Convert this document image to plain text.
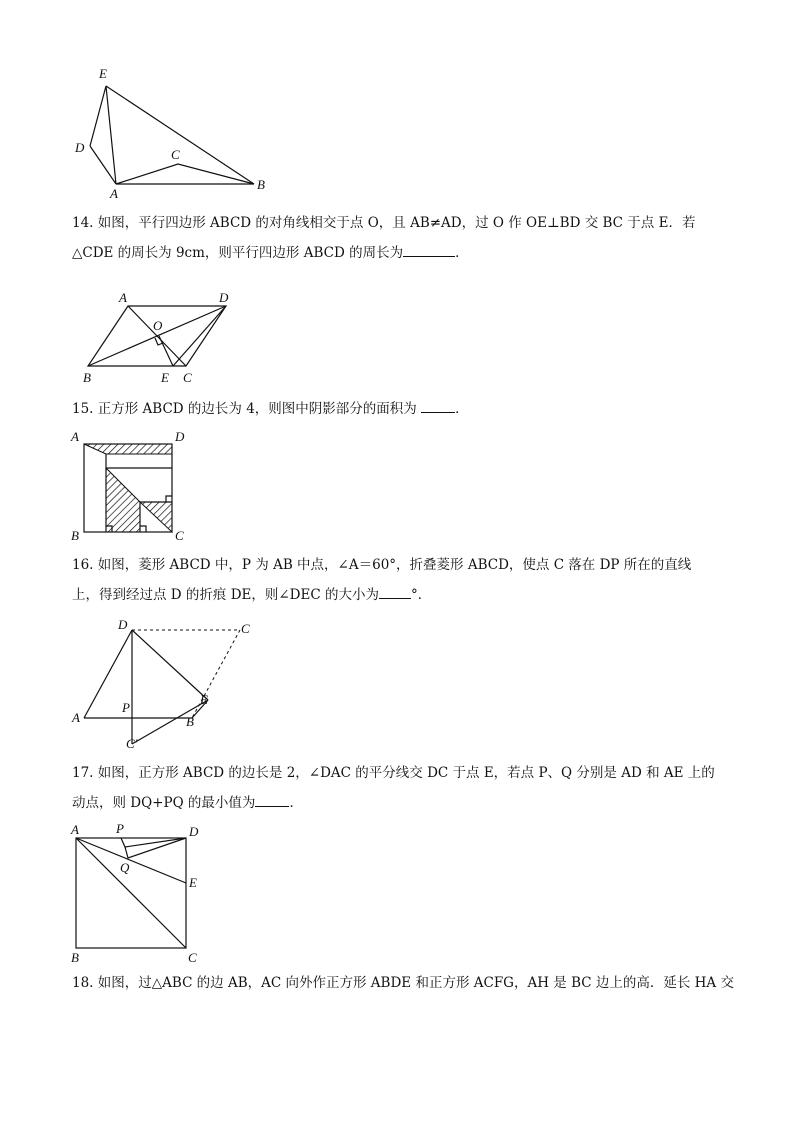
E
D	C
A
B
14. 如图，平行四边形 ABCD 的对角线相交于点 O，且 AB≠AD，过 O 作 OE⊥BD 交 BC 于点 E．若
△CDE 的周长为 9cm，则平行四边形 ABCD 的周长为	．
A	D
O
B	E C
15. 正方形 ABCD 的边长为 4，则图中阴影部分的面积为	．
A	D
B	C
16. 如图，菱形 ABCD 中，P 为 AB 中点，∠A＝60°，折叠菱形 ABCD，使点 C 落在 DP 所在的直线
上，得到经过点 D 的折痕 DE，则∠DEC 的大小为 °．
D	C
E
P
A	B
C′
17. 如图，正方形 ABCD 的边长是 2，∠DAC 的平分线交 DC 于点 E，若点 P、Q 分别是 AD 和 AE 上的
动点，则 DQ+PQ 的最小值为	．
A	P	D
Q
E
B	C
18. 如图，过△ABC 的边 AB，AC 向外作正方形 ABDE 和正方形 ACFG，AH 是 BC 边上的高．延长 HA 交
